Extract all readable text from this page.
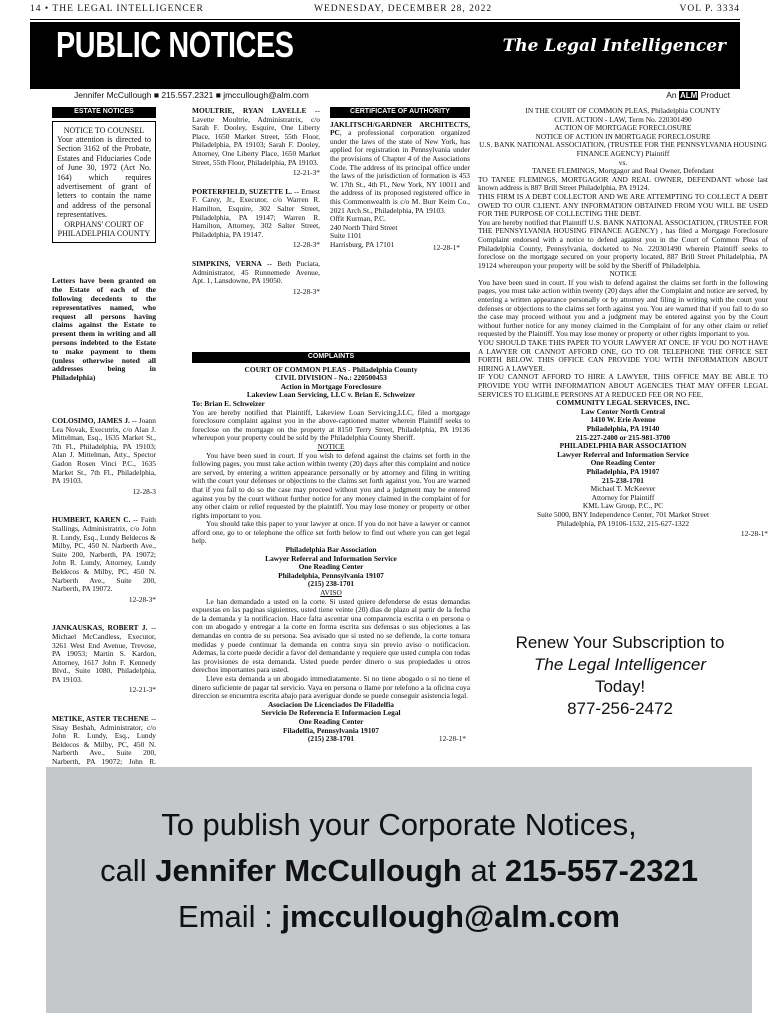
14 • THE LEGAL INTELLIGENCER	WEDNESDAY, DECEMBER 28, 2022	VOL P. 3334
PUBLIC NOTICES	The Legal Intelligencer
Jennifer McCullough ■ 215.557.2321 ■ jmccullough@alm.com	An ALM Product
ESTATE NOTICES
NOTICE TO COUNSEL
Your attention is directed to Section 3162 of the Probate, Estates and Fiduciaries Code of June 30, 1972 (Act No. 164) which requires advertisement of grant of letters to contain the name and address of the personal representatives.
ORPHANS' COURT OF PHILADELPHIA COUNTY
Letters have been granted on the Estate of each of the following decedents to the representatives named, who request all persons having claims against the Estate to present them in writing and all persons indebted to the Estate to make payment to them (unless otherwise noted all addresses being in Philadelphia)
COLOSIMO, JAMES J. -- Joann Lea Novak, Executrix, c/o Alan J. Mittelman, Esq., 1635 Market St., 7th Fl., Philadelphia, PA 19103; Alan J. Mittelman, Atty., Spector Gadon Rosen Vinci P.C., 1635 Market St., 7th Fl., Philadelphia, PA 19103.
12-28-3
HUMBERT, KAREN C. -- Faith Stallings, Administratrix, c/o John R. Lundy, Esq., Lundy Beldecos & Milby, PC, 450 N. Narberth Ave., Suite 200, Narberth, PA 19072; John R. Lundy, Attorney, Lundy Beldecos & Milby, PC, 450 N. Narberth Ave., Suite 200, Narberth, PA 19072.
12-28-3*
JANKAUSKAS, ROBERT J. -- Michael McCandless, Executor, 3261 West End Avenue, Trevose, PA 19053; Martin S. Kardon, Attorney, 1617 John F. Kennedy Blvd., Suite 1080, Philadelphia, PA 19103.
12-21-3*
METIKE, ASTER TECHENE -- Sisay Beshah, Administrator, c/o John R. Lundy, Esq., Lundy Beldecos & Milby, PC, 450 N. Narberth Ave., Suite 200, Narberth, PA 19072; John R.
MOULTRIE, RYAN LAVELLE -- Lavette Moultrie, Administratrix, c/o Sarah F. Dooley, Esquire, One Liberty Place, 1650 Market Street, 55th Floor, Philadelphia, PA 19103; Sarah F. Dooley, Attorney, One Liberty Place, 1650 Market Street, 55th Floor, Philadelphia, PA 19103.
12-21-3*
PORTERFIELD, SUZETTE L. -- Ernest F. Carey, Jr., Executor, c/o Warren R. Hamilton, Esquire, 302 Salter Street, Philadelphia, PA 19147; Warren R. Hamilton, Attorney, 302 Salter Street, Philadelphia, PA 19147.
12-28-3*
SIMPKINS, VERNA -- Beth Puciata, Administrator, 45 Runnemede Avenue, Apt. 1, Lansdowne, PA 19050.
12-28-3*
CERTIFICATE OF AUTHORITY
JAKLITSCH/GARDNER ARCHITECTS, PC, a professional corporation organized under the laws of the state of New York, has applied for registration in Pennsylvania under the provisions of Chapter 4 of the Associations Code. The address of its principal office under the laws of the jurisdiction of formation is 453 W. 17th St., 4th Fl., New York, NY 10011 and the address of its proposed registered office in this Commonwealth is c/o M. Burr Keim Co., 2021 Arch St., Philadelphia, PA 19103.
Offit Kurman, P.C.
240 North Third Street
Suite 1101
Harrisburg, PA 17101	12-28-1*
COMPLAINTS

COURT OF COMMON PLEAS - Philadelphia County

CIVIL DIVISION - No.: 220500453

Action in Mortgage Foreclosure

Lakeview Loan Servicing, LLC v. Brian E. Schweizer

To: Brian E. Schweizer

You are hereby notified that Plaintiff, Lakeview Loan Servicing,LLC, filed a mortgage foreclosure complaint against you in the above-captioned matter wherein Plaintiff seeks to foreclose on the mortgage on the property at 8150 Terry Street, Philadelphia, PA 19136 whereupon your property could be sold by the Philadelphia County Sheriff.

NOTICE

You have been sued in court. If you wish to defend against the claims set forth in the following pages, you must take action within twenty (20) days after this complaint and notice are served, by entering a written appearance personally or by attorney and filing in writing with the court your defenses or objections to the claims set forth against you. You are warned that if you fail to do so the case may proceed without you and a judgment may be entered against you by the court without further notice for any money claimed in the complaint of for any other claim or relief requested by the plaintiff. You may lose money or property or other rights important to you.

You should take this paper to your lawyer at once. If you do not have a lawyer or cannot afford one, go to or telephone the office set forth below to find out where you can get legal help.

Philadelphia Bar Association

Lawyer Referral and Information Service

One Reading Center

Philadelphia, Pennsylvania 19107

(215) 238-1701

AVISO

Le han demandado a usted en la corte. Si usted quiere defenderse de estas demandas expuestas en las paginas siguientes, usted tiene veinte (20) dias de plazo al partir de la fecha de la demanda y la notificacion. Hace falta ascentar una comparencia escrita o en persona o con un abogado y entregar a la corte en forma escrita sus defensas o sus objeciones a las demandas en contra de su persona. Sea avisado que si usted no se defiende, la corte tomara medidas y puede continuar la demanda en contra suya sin previo aviso o notificacion. Ademas, la corte puede decidir a favor del demandante y requiere que usted cumpla con todas las provisiones de esta demanda. Usted puede perder dinero o sus propiedades u otros derechos importantes para usted.

Lleve esta demanda a un abogado immediatamente. Si no tiene abogado o si no tiene el dinero suficiente de pagar tal servicio. Vaya en persona o llame por telefono a la oficina cuya direccion se encuentra escrita abajo para averiguar donde se puede conseguir asistencia legal.

Asociacion De Licenciados De Filadelfia

Servicio De Referencia E Informacion Legal

One Reading Center

Filadelfia, Pennsylvania 19107

(215) 238-1701	12-28-1*

IN THE COURT OF COMMON PLEAS, Philadelphia COUNTY

CIVIL ACTION - LAW, Term No. 220301490

ACTION OF MORTGAGE FORECLOSURE

NOTICE OF ACTION IN MORTGAGE FORECLOSURE

U.S. BANK NATIONAL ASSOCIATION, (TRUSTEE FOR THE PENNSYLVANIA HOUSING FINANCE AGENCY) Plaintiff

vs.

TANEE FLEMINGS, Mortgagor and Real Owner, Defendant

TO TANEE FLEMINGS, MORTGAGOR AND REAL OWNER, DEFENDANT whose last known address is 887 Brill Street Philadelphia, PA 19124.

THIS FIRM IS A DEBT COLLECTOR AND WE ARE ATTEMPTING TO COLLECT A DEBT OWED TO OUR CLIENT. ANY INFORMATION OBTAINED FROM YOU WILL BE USED FOR THE PURPOSE OF COLLECTING THE DEBT.

You are hereby notified that Plaintiff U.S. BANK NATIONAL ASSOCIATION, (TRUSTEE FOR THE PENNSYLVANIA HOUSING FINANCE AGENCY) , has filed a Mortgage Foreclosure Complaint endorsed with a notice to defend against you in the Court of Common Pleas of Philadelphia County, Pennsylvania, docketed to No. 220301490 wherein Plaintiff seeks to foreclose on the mortgage secured on your property located, 887 Brill Street Philadelphia, PA 19124 whereupon your property will be sold by the Sheriff of Philadelphia.

NOTICE

You have been sued in court. If you wish to defend against the claims set forth in the following pages, you must take action within twenty (20) days after the Complaint and notice are served, by entering a written appearance personally or by attorney and filing in writing with the court your defenses or objections to the claims set forth against you. You are warned that if you fail to do so the case may proceed without you and a judgment may be entered against you by the Court without further notice for any money claimed in the Complaint of for any other claim or relief requested by the Plaintiff. You may lose money or property or other rights important to you.

YOU SHOULD TAKE THIS PAPER TO YOUR LAWYER AT ONCE. IF YOU DO NOT HAVE A LAWYER OR CANNOT AFFORD ONE, GO TO OR TELEPHONE THE OFFICE SET FORTH BELOW. THIS OFFICE CAN PROVIDE YOU WITH INFORMATION ABOUT HIRING A LAWYER.

IF YOU CANNOT AFFORD TO HIRE A LAWYER, THIS OFFICE MAY BE ABLE TO PROVIDE YOU WITH INFORMATION ABOUT AGENCIES THAT MAY OFFER LEGAL SERVICES TO ELIGIBLE PERSONS AT A REDUCED FEE OR NO FEE.

COMMUNITY LEGAL SERVICES, INC.

Law Center North Central

1410 W. Erie Avenue

Philadelphia, PA 19140

215-227-2400 or 215-981-3700

PHILADELPHIA BAR ASSOCIATION

Lawyer Referral and Information Service

One Reading Center

Philadelphia, PA 19107

215-238-1701

Michael T. McKeever

Attorney for Plaintiff

KML Law Group, P.C., PC

Suite 5000, BNY Independence Center, 701 Market Street

Philadelphia, PA 19106-1532, 215-627-1322

12-28-1*
Renew Your Subscription to
The Legal Intelligencer
Today!
877-256-2472
To publish your Corporate Notices,
call Jennifer McCullough at 215-557-2321
Email : jmccullough@alm.com
